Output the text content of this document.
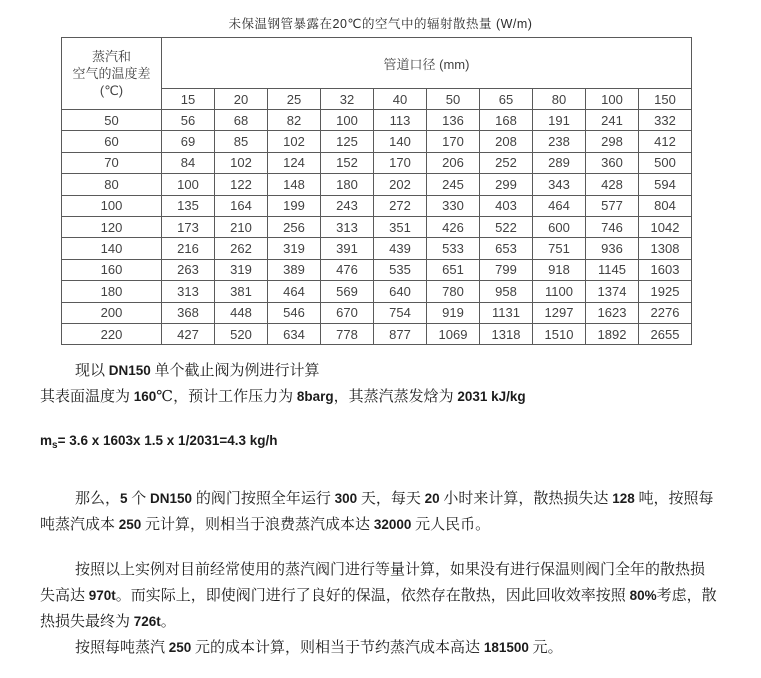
未保温钢管暴露在20℃的空气中的辐射散热量 (W/m)
蒸汽和
空气的温度差
(℃)	管道口径 (mm)									
	15	20	25	32	40	50	65	80	100	150
50	56	68	82	100	113	136	168	191	241	332
60	69	85	102	125	140	170	208	238	298	412
70	84	102	124	152	170	206	252	289	360	500
80	100	122	148	180	202	245	299	343	428	594
100	135	164	199	243	272	330	403	464	577	804
120	173	210	256	313	351	426	522	600	746	1042
140	216	262	319	391	439	533	653	751	936	1308
160	263	319	389	476	535	651	799	918	1145	1603
180	313	381	464	569	640	780	958	1100	1374	1925
200	368	448	546	670	754	919	1131	1297	1623	2276
220	427	520	634	778	877	1069	1318	1510	1892	2655

现以 DN150 单个截止阀为例进行计算

其表面温度为 160℃，预计工作压力为 8barg，其蒸汽蒸发焓为 2031 kJ/kg

$m_s= 3.6$ x 1603x 1.5 x 1/2031=4.3 kg/h

那么，5 个 DN150 的阀门按照全年运行 300 天，每天 20 小时来计算，散热损失达 128 吨，按照每吨蒸汽成本 250 元计算，则相当于浪费蒸汽成本达 32000 元人民币。

按照以上实例对目前经常使用的蒸汽阀门进行等量计算，如果没有进行保温则阀门全年的散热损失高达 970t。而实际上，即使阀门进行了良好的保温，依然存在散热，因此回收效率按照 80%考虑，散热损失最终为 726t。

按照每吨蒸汽 250 元的成本计算，则相当于节约蒸汽成本高达 181500 元。
